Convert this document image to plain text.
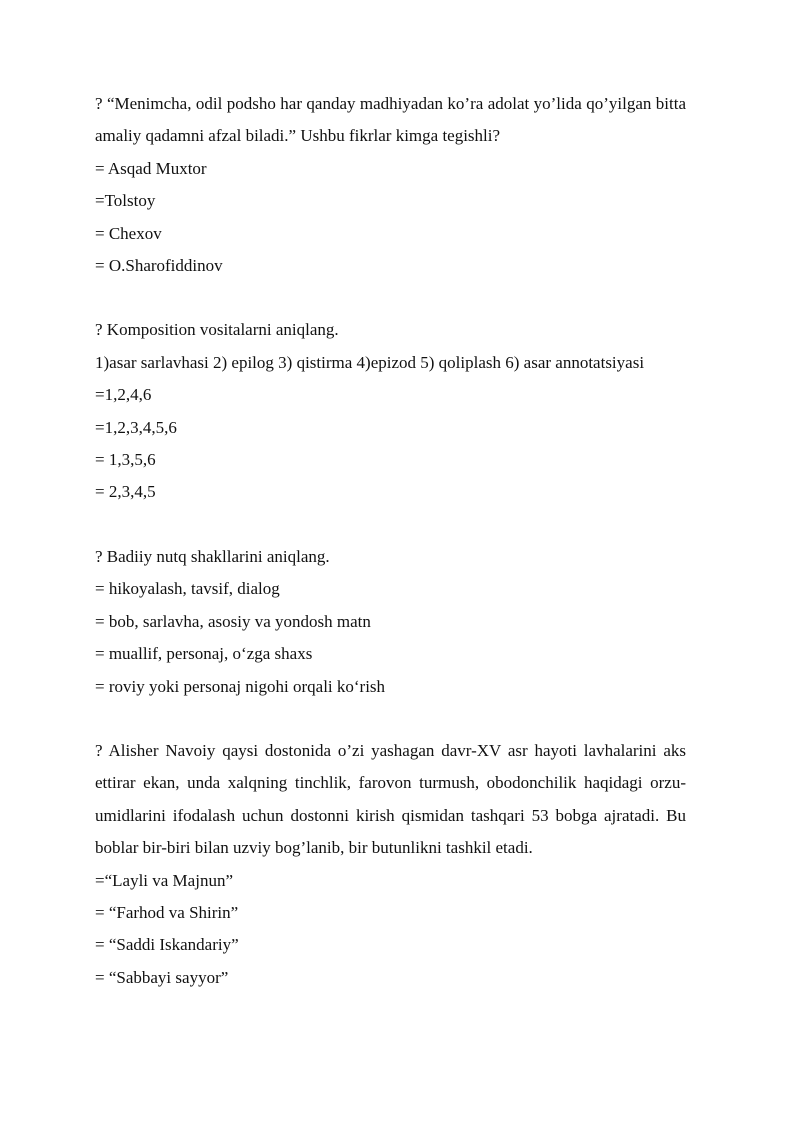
? “Menimcha, odil podsho har qanday madhiyadan ko’ra adolat yo’lida qo’yilgan bitta amaliy qadamni afzal biladi.” Ushbu fikrlar kimga tegishli?

= Asqad Muxtor

=Tolstoy

= Chexov

= O.Sharofiddinov

? Komposition vositalarni aniqlang.

1)asar sarlavhasi 2) epilog 3) qistirma 4)epizod 5) qoliplash 6) asar annotatsiyasi

=1,2,4,6

=1,2,3,4,5,6

= 1,3,5,6

= 2,3,4,5

? Badiiy nutq shakllarini aniqlang.

= hikoyalash, tavsif, dialog

= bob, sarlavha, asosiy va yondosh matn

= muallif, personaj, o‘zga shaxs

= roviy yoki personaj nigohi orqali ko‘rish

? Alisher Navoiy qaysi dostonida o’zi yashagan davr-XV asr hayoti lavhalarini aks ettirar ekan, unda xalqning tinchlik, farovon turmush, obodonchilik haqidagi orzu-umidlarini ifodalash uchun dostonni kirish qismidan tashqari 53 bobga ajratadi. Bu boblar bir-biri bilan uzviy bog’lanib, bir butunlikni tashkil etadi.

=“Layli va Majnun”

= “Farhod va Shirin”

= “Saddi Iskandariy”

= “Sabbayi sayyor”
